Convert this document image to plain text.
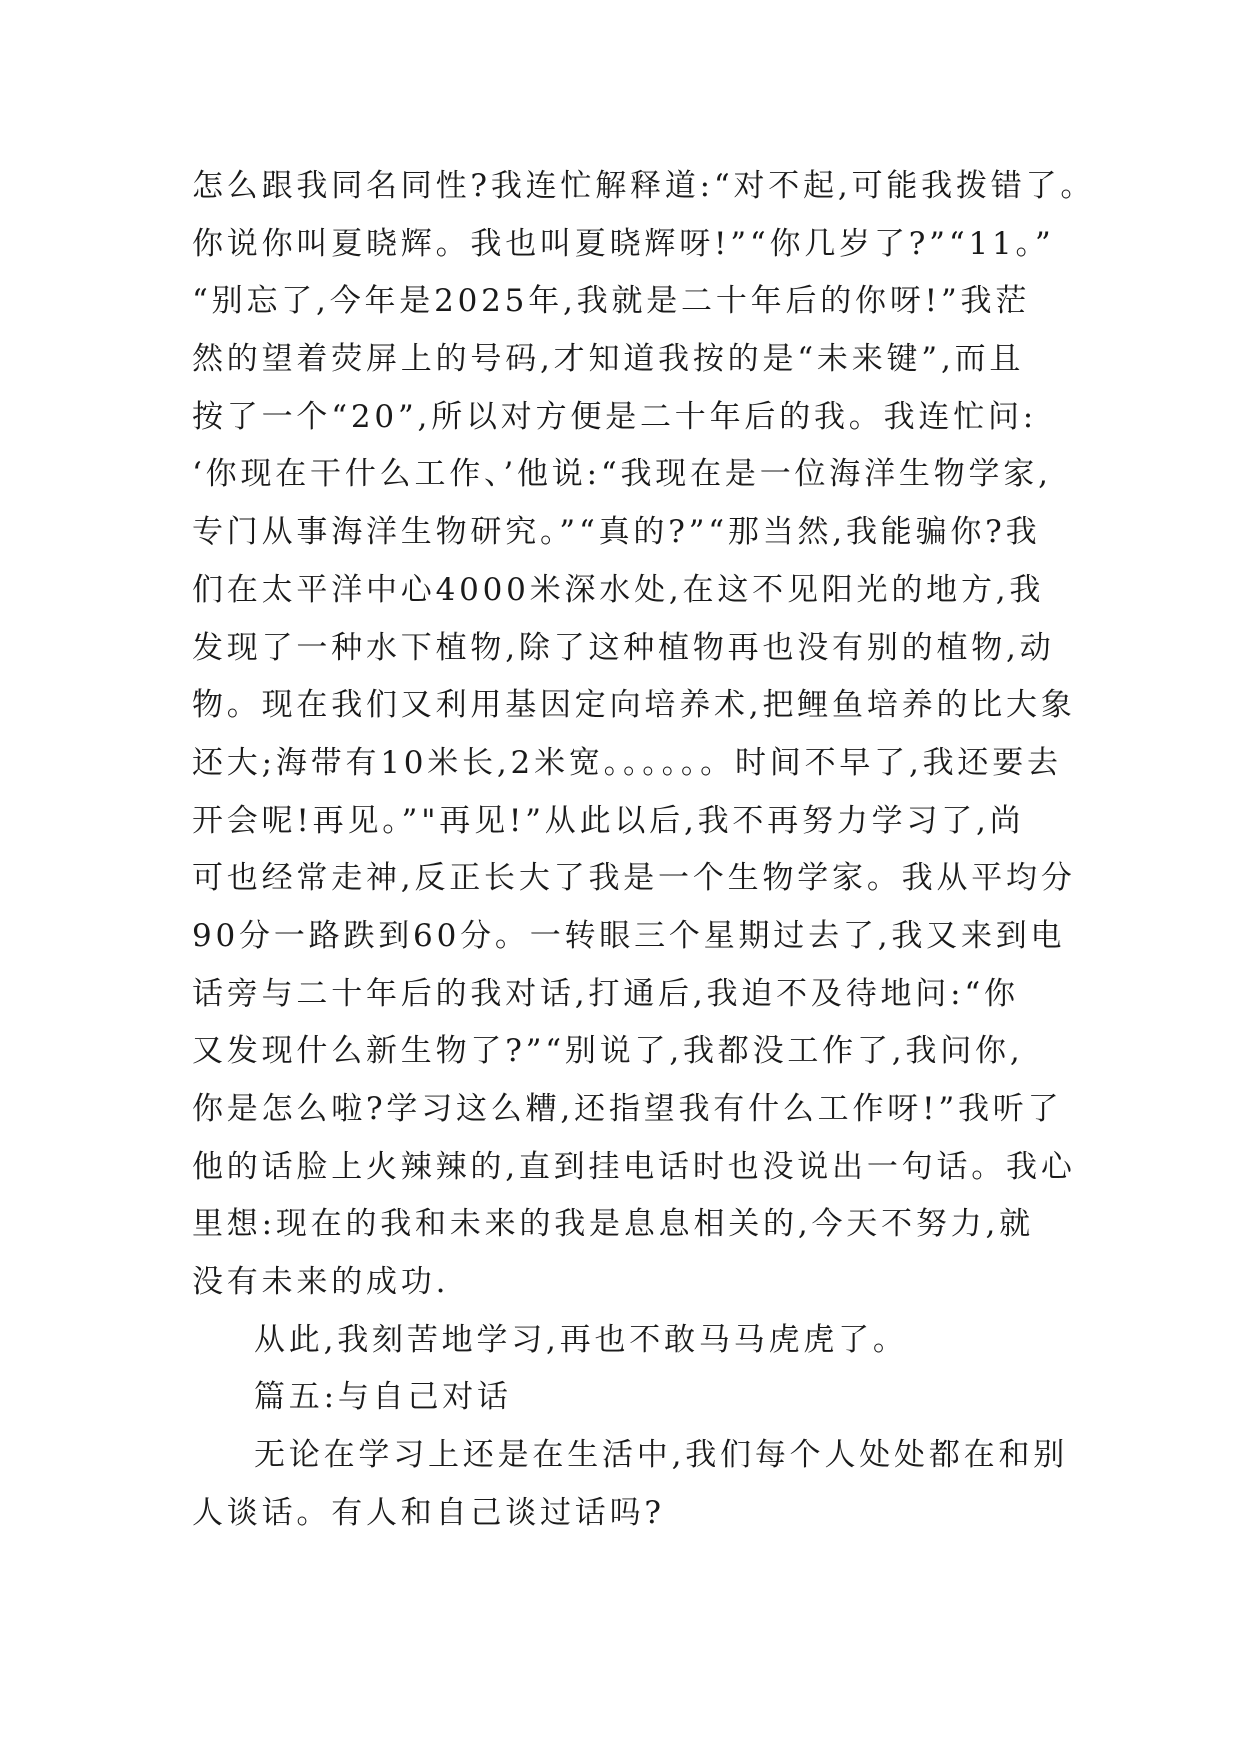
怎么跟我同名同性?我连忙解释道:“对不起,可能我拨错了。
你说你叫夏晓辉。我也叫夏晓辉呀!”“你几岁了?”“11。”
“别忘了,今年是2025年,我就是二十年后的你呀!”我茫
然的望着荧屏上的号码,才知道我按的是“未来键”,而且
按了一个“20”,所以对方便是二十年后的我。我连忙问:
‘你现在干什么工作、’他说:“我现在是一位海洋生物学家,
专门从事海洋生物研究。”“真的?”“那当然,我能骗你?我
们在太平洋中心4000米深水处,在这不见阳光的地方,我
发现了一种水下植物,除了这种植物再也没有别的植物,动
物。现在我们又利用基因定向培养术,把鲤鱼培养的比大象
还大;海带有10米长,2米宽。。。。。。时间不早了,我还要去
开会呢!再见。”"再见!”从此以后,我不再努力学习了,尚
可也经常走神,反正长大了我是一个生物学家。我从平均分
90分一路跌到60分。一转眼三个星期过去了,我又来到电
话旁与二十年后的我对话,打通后,我迫不及待地问:“你
又发现什么新生物了?”“别说了,我都没工作了,我问你,
你是怎么啦?学习这么糟,还指望我有什么工作呀!”我听了
他的话脸上火辣辣的,直到挂电话时也没说出一句话。我心
里想:现在的我和未来的我是息息相关的,今天不努力,就
没有未来的成功.
从此,我刻苦地学习,再也不敢马马虎虎了。
篇五:与自己对话
无论在学习上还是在生活中,我们每个人处处都在和别
人谈话。有人和自己谈过话吗?
